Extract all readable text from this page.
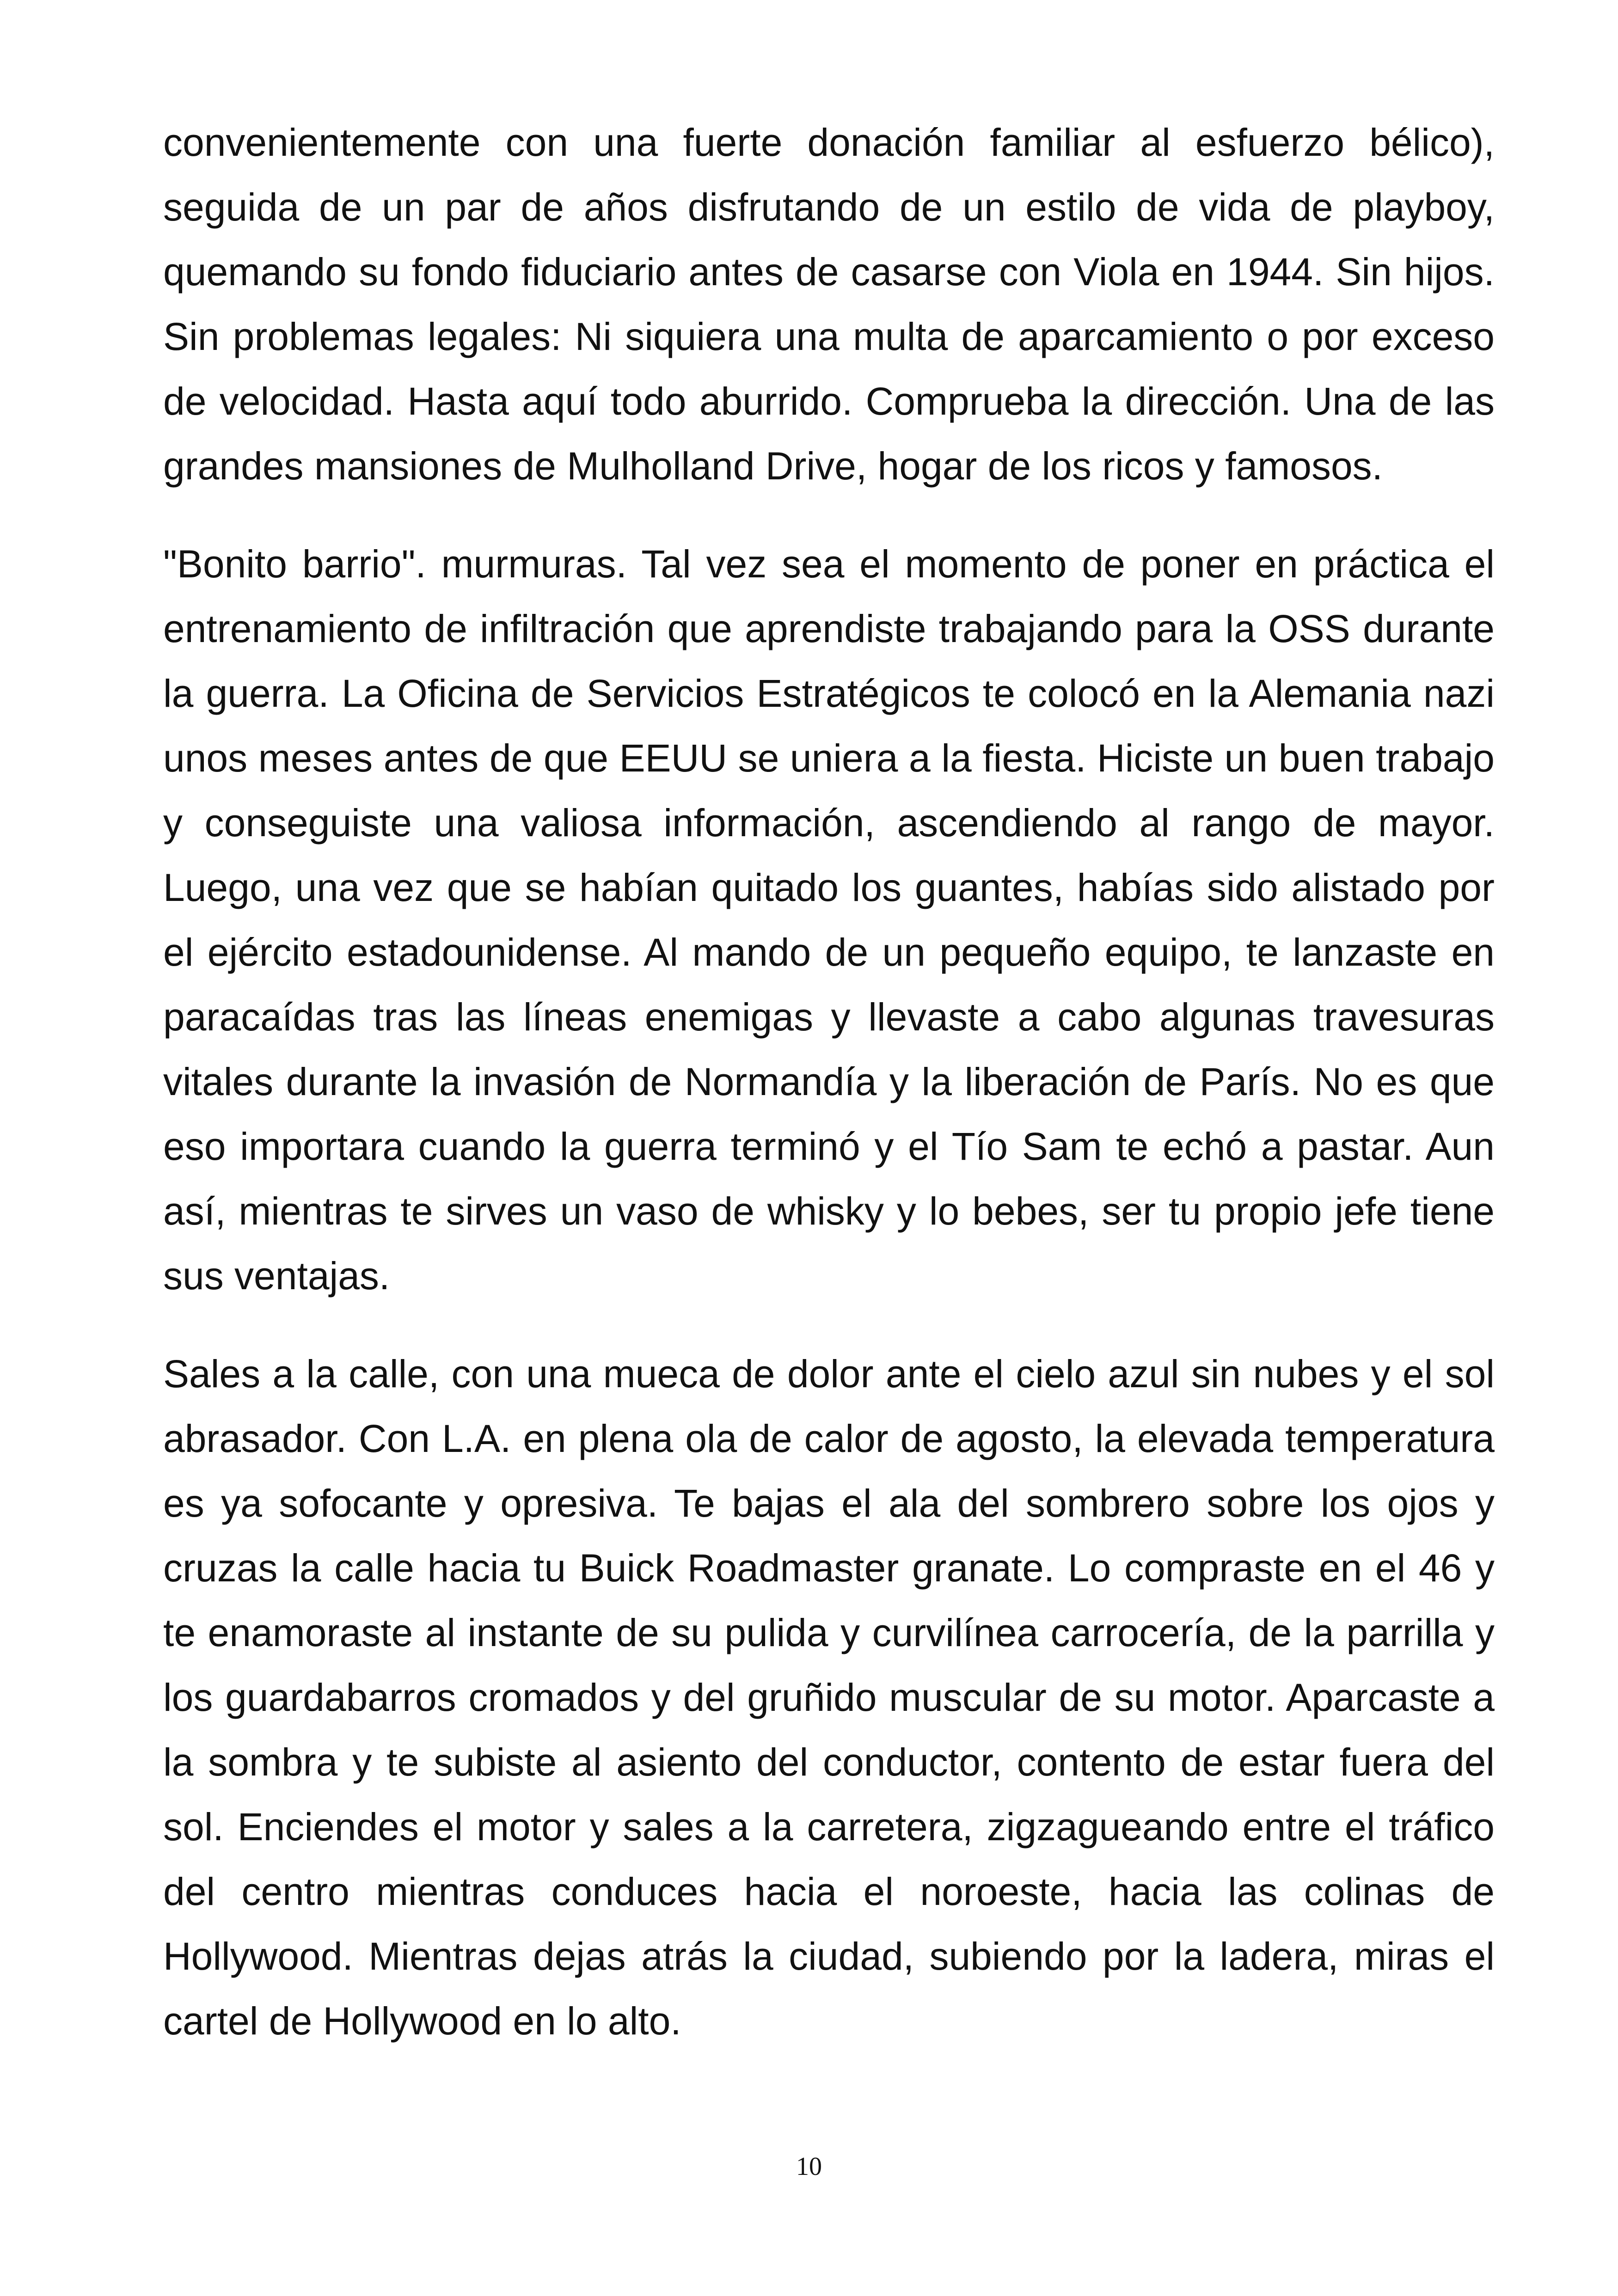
convenientemente con una fuerte donación familiar al esfuerzo bélico), seguida de un par de años disfrutando de un estilo de vida de playboy, quemando su fondo fiduciario antes de casarse con Viola en 1944. Sin hijos. Sin problemas legales: Ni siquiera una multa de aparcamiento o por exceso de velocidad. Hasta aquí todo aburrido. Comprueba la dirección. Una de las grandes mansiones de Mulholland Drive, hogar de los ricos y famosos.

"Bonito barrio". murmuras. Tal vez sea el momento de poner en práctica el entrenamiento de infiltración que aprendiste trabajando para la OSS durante la guerra. La Oficina de Servicios Estratégicos te colocó en la Alemania nazi unos meses antes de que EEUU se uniera a la fiesta. Hiciste un buen trabajo y conseguiste una valiosa información, ascendiendo al rango de mayor. Luego, una vez que se habían quitado los guantes, habías sido alistado por el ejército estadounidense. Al mando de un pequeño equipo, te lanzaste en paracaídas tras las líneas enemigas y llevaste a cabo algunas travesuras vitales durante la invasión de Normandía y la liberación de París. No es que eso importara cuando la guerra terminó y el Tío Sam te echó a pastar. Aun así, mientras te sirves un vaso de whisky y lo bebes, ser tu propio jefe tiene sus ventajas.

Sales a la calle, con una mueca de dolor ante el cielo azul sin nubes y el sol abrasador. Con L.A. en plena ola de calor de agosto, la elevada temperatura es ya sofocante y opresiva. Te bajas el ala del sombrero sobre los ojos y cruzas la calle hacia tu Buick Roadmaster granate. Lo compraste en el 46 y te enamoraste al instante de su pulida y curvilínea carrocería, de la parrilla y los guardabarros cromados y del gruñido muscular de su motor. Aparcaste a la sombra y te subiste al asiento del conductor, contento de estar fuera del sol. Enciendes el motor y sales a la carretera, zigzagueando entre el tráfico del centro mientras conduces hacia el noroeste, hacia las colinas de Hollywood. Mientras dejas atrás la ciudad, subiendo por la ladera, miras el cartel de Hollywood en lo alto.

10
